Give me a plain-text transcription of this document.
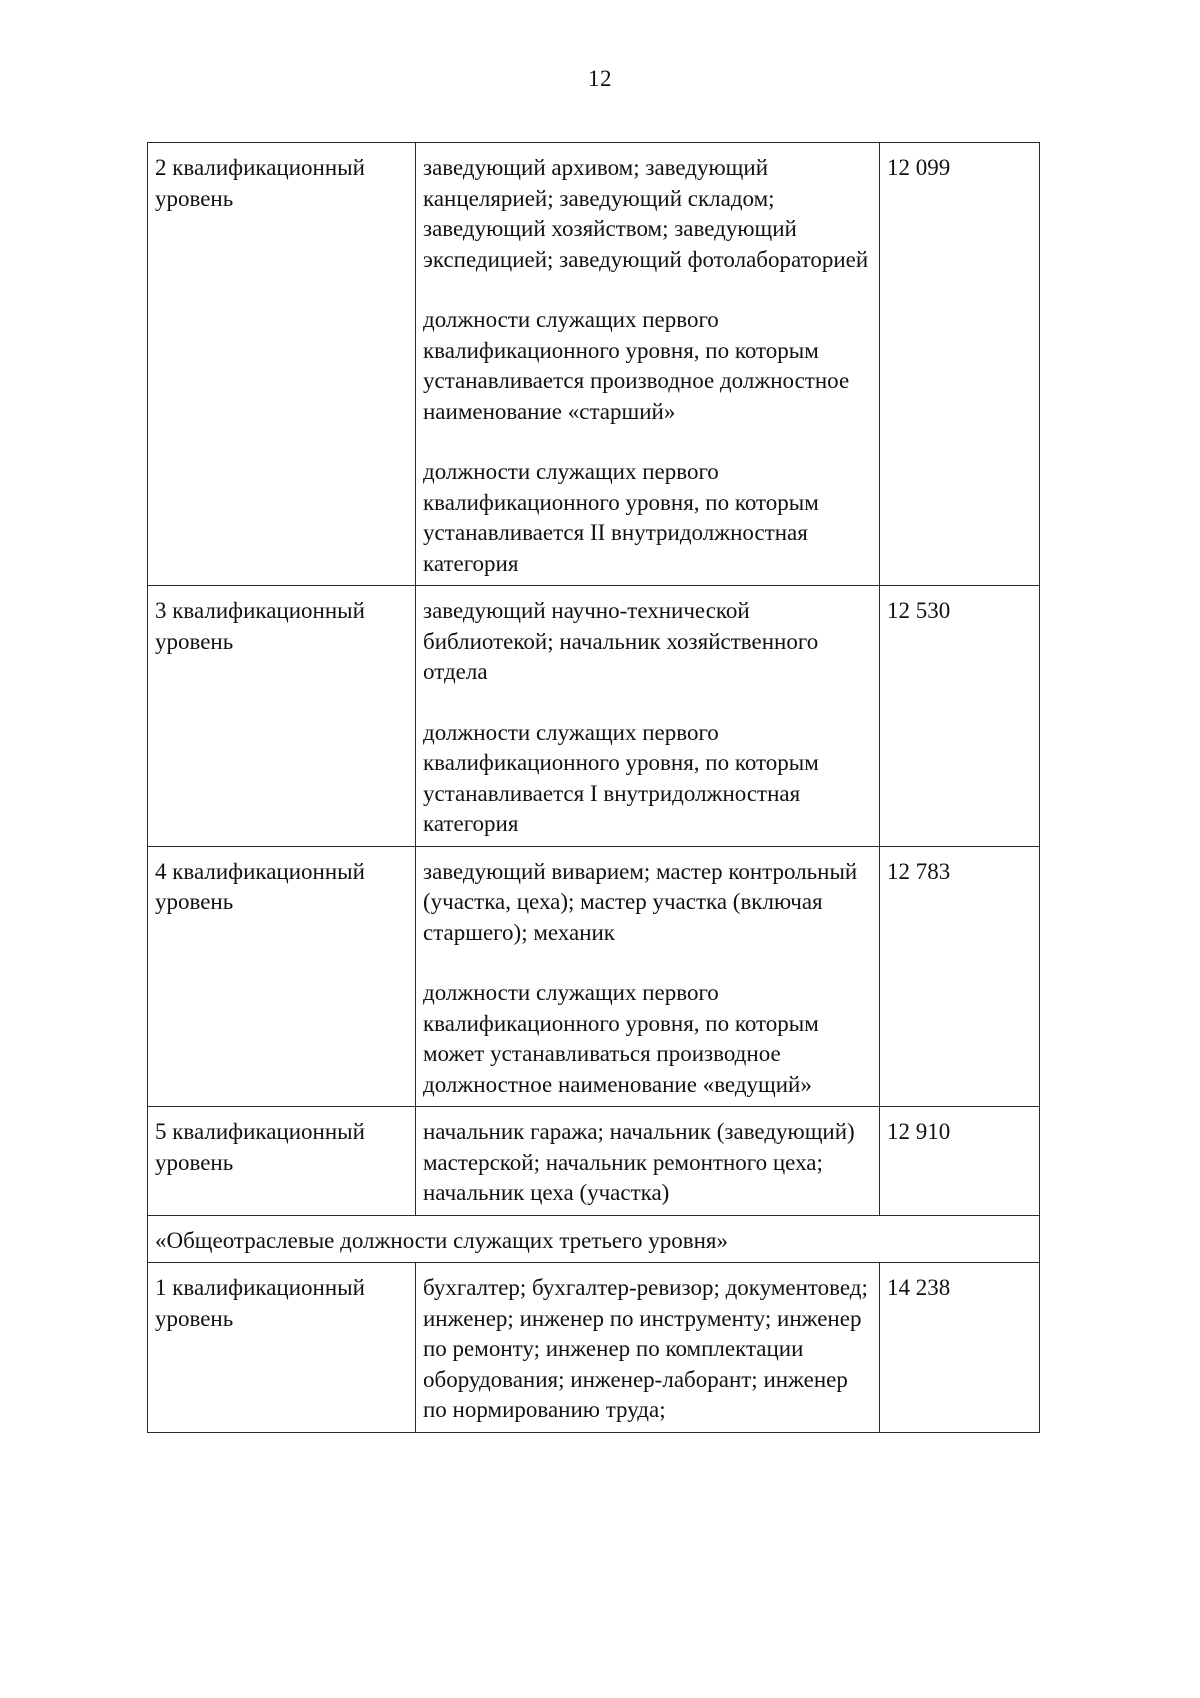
12
2 квалификационный уровень	заведующий архивом; заведующий канцелярией; заведующий складом; заведующий хозяйством; заведующий экспедицией; заведующий фотолабораторией

должности служащих первого квалификационного уровня, по которым устанавливается производное должностное наименование «старший»

должности служащих первого квалификационного уровня, по которым устанавливается II внутридолжностная категория	12 099
3 квалификационный уровень	заведующий научно-технической библиотекой; начальник хозяйственного отдела

должности служащих первого квалификационного уровня, по которым устанавливается I внутридолжностная категория	12 530
4 квалификационный уровень	заведующий виварием; мастер контрольный (участка, цеха); мастер участка (включая старшего); механик

должности служащих первого квалификационного уровня, по которым может устанавливаться производное должностное наименование «ведущий»	12 783
5 квалификационный уровень	начальник гаража; начальник (заведующий) мастерской; начальник ремонтного цеха; начальник цеха (участка)	12 910
«Общеотраслевые должности служащих третьего уровня»		
1 квалификационный уровень	бухгалтер; бухгалтер-ревизор; документовед; инженер; инженер по инструменту; инженер по ремонту; инженер по комплектации оборудования; инженер-лаборант; инженер по нормированию труда;	14 238
